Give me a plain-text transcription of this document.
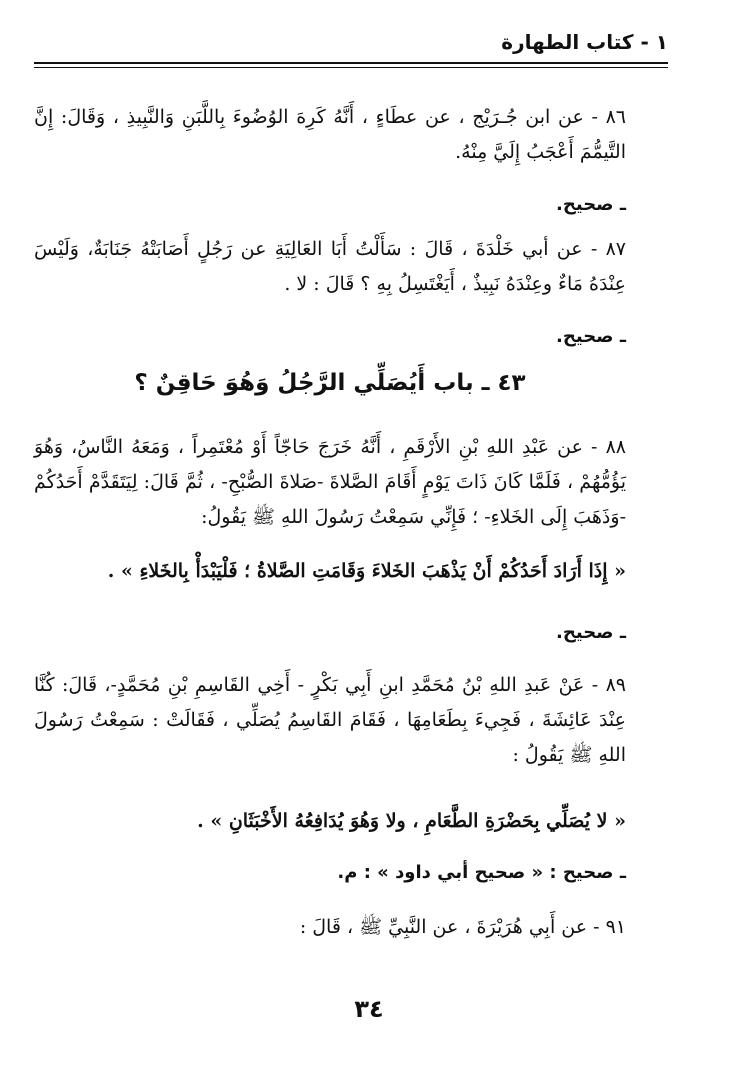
١ - كتاب الطهارة
٨٦ - عن ابن جُـرَيْج ، عن عطَاءٍ ، أَنَّهُ كَرِهَ الوُضُوءَ بِاللَّبَنِ وَالنَّبِيذِ ، وَقَالَ: إِنَّ التَّيمُّمَ أَعْجَبُ إِلَيَّ مِنْهُ.
ـ صحيح.
٨٧ - عن أبي خَلْدَةَ ، قَالَ : سَأَلْتُ أَبَا العَالِيَةِ عن رَجُلٍ أَصَابَتْهُ جَنَابَةٌ، وَلَيْسَ عِنْدَهُ مَاءٌ وعِنْدَهُ نَبِيذٌ ، أَيَغْتَسِلُ بِهِ ؟ قَالَ : لا .
ـ صحيح.
٤٣ ـ باب أَيُصَلِّي الرَّجُلُ وَهُوَ حَاقِنٌ ؟
٨٨ - عن عَبْدِ اللهِ بْنِ الأَرْقَمِ ، أَنَّهُ خَرَجَ حَاجّاً أَوْ مُعْتَمِراً ، وَمَعَهُ النَّاسُ، وَهُوَ يَؤُمُّهُمْ ، فَلَمَّا كَانَ ذَاتَ يَوْمٍ أَقَامَ الصَّلاةَ -صَلاةَ الصُّبْحِ- ، ثُمَّ قَالَ: لِيَتَقَدَّمْ أَحَدُكُمْ -وَذَهَبَ إِلَى الخَلاءِ- ؛ فَإِنِّي سَمِعْتُ رَسُولَ اللهِ ﷺ يَقُولُ:
« إِذَا أَرَادَ أَحَدُكُمْ أَنْ يَذْهَبَ الخَلاءَ وَقَامَتِ الصَّلاةُ ؛ فَلْيَبْدَأْ بِالخَلاءِ » .
ـ صحيح.
٨٩ - عَنْ عَبدِ اللهِ بْنُ مُحَمَّدِ ابنِ أَبِي بَكْرٍ - أَخِي القَاسِمِ بْنِ مُحَمَّدٍ-، قَالَ: كُنَّا عِنْدَ عَائِشَةَ ، فَجِيءَ بِطَعَامِهَا ، فَقَامَ القَاسِمُ يُصَلِّي ، فَقَالَتْ : سَمِعْتُ رَسُولَ اللهِ ﷺ يَقُولُ :
« لا يُصَلِّي بِحَضْرَةِ الطَّعَامِ ، ولا وَهُوَ يُدَافِعُهُ الأَخْبَثَانِ » .
ـ صحيح : « صحيح أبي داود » : م.
٩١ - عن أَبِي هُرَيْرَةَ ، عن النَّبِيِّ ﷺ ، قَالَ :
٣٤
